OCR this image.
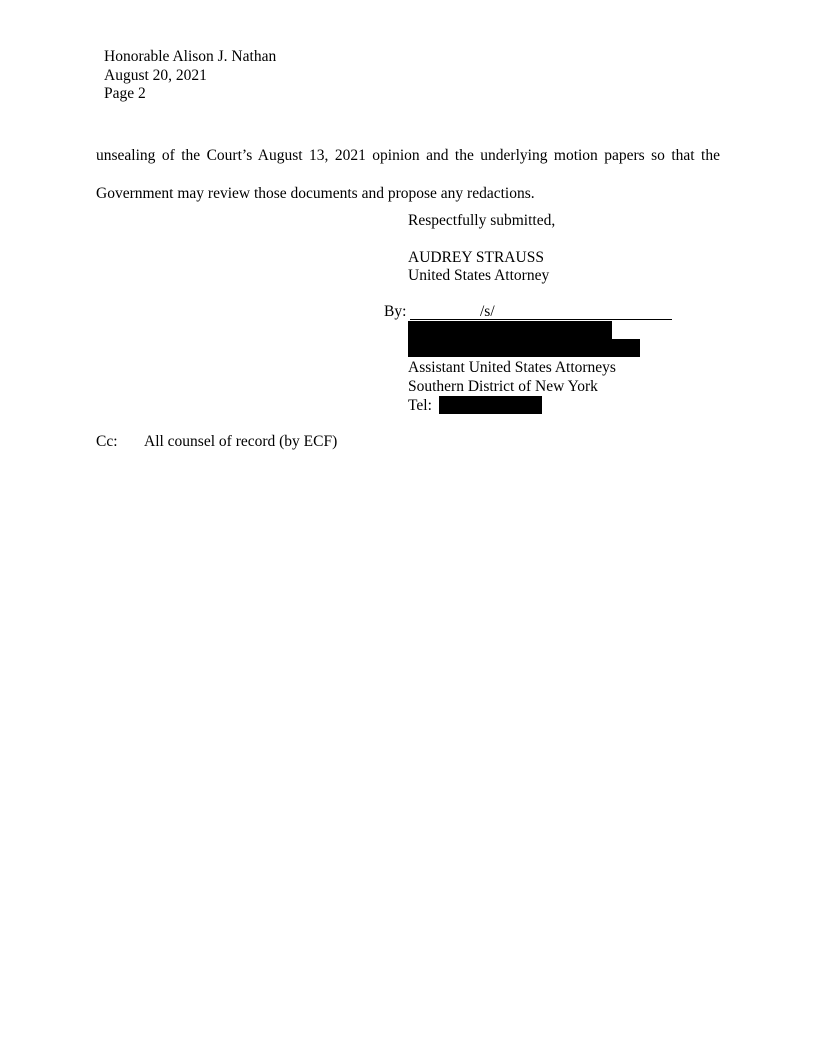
Honorable Alison J. Nathan
August 20, 2021
Page 2
unsealing of the Court’s August 13, 2021 opinion and the underlying motion papers so that the
Government may review those documents and propose any redactions.
Respectfully submitted,
AUDREY STRAUSS
United States Attorney
By:	/s/
Assistant United States Attorneys
Southern District of New York
Tel:
Cc: All counsel of record (by ECF)
